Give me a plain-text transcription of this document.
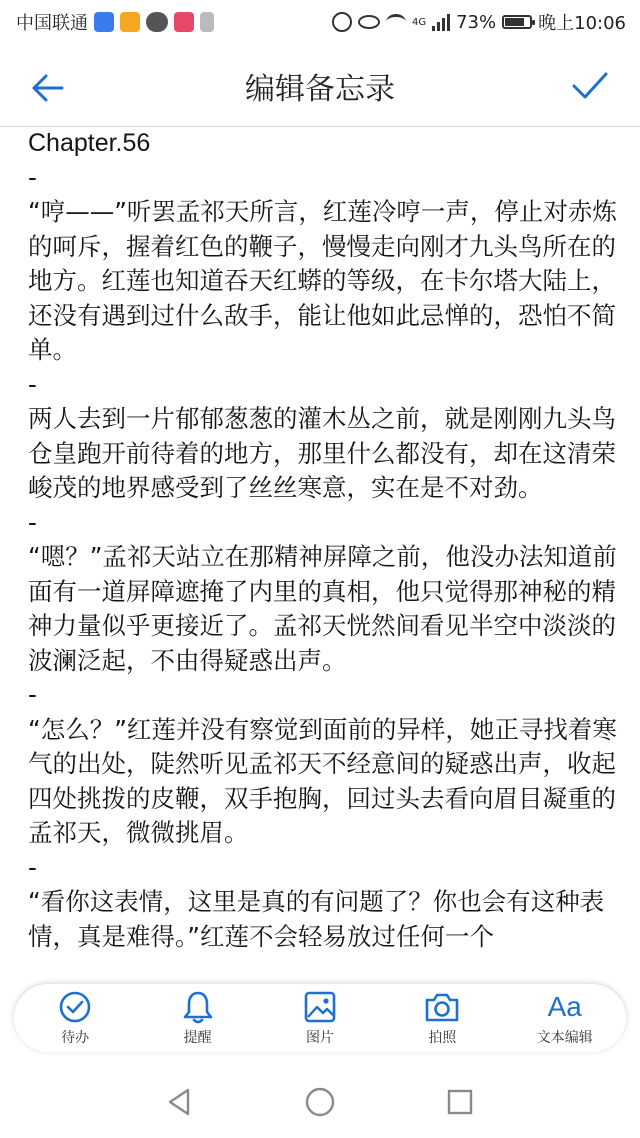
中国联通	4G 73% 晚上10:06
编辑备忘录

Chapter.56

-

“哼——”听罢孟祁天所言，红莲冷哼一声，停止对赤炼的呵斥，握着红色的鞭子，慢慢走向刚才九头鸟所在的地方。红莲也知道吞天红蟒的等级，在卡尔塔大陆上，还没有遇到过什么敌手，能让他如此忌惮的，恐怕不简单。

-

两人去到一片郁郁葱葱的灌木丛之前，就是刚刚九头鸟仓皇跑开前待着的地方，那里什么都没有，却在这清荣峻茂的地界感受到了丝丝寒意，实在是不对劲。

-

“嗯？”孟祁天站立在那精神屏障之前，他没办法知道前面有一道屏障遮掩了内里的真相，他只觉得那神秘的精神力量似乎更接近了。孟祁天恍然间看见半空中淡淡的波澜泛起，不由得疑惑出声。

-

“怎么？”红莲并没有察觉到面前的异样，她正寻找着寒气的出处，陡然听见孟祁天不经意间的疑惑出声，收起四处挑拨的皮鞭，双手抱胸，回过头去看向眉目凝重的孟祁天，微微挑眉。

-

“看你这表情，这里是真的有问题了？你也会有这种表情，真是难得。”红莲不会轻易放过任何一个

待办	提醒	图片	拍照
Aa
文本编辑
